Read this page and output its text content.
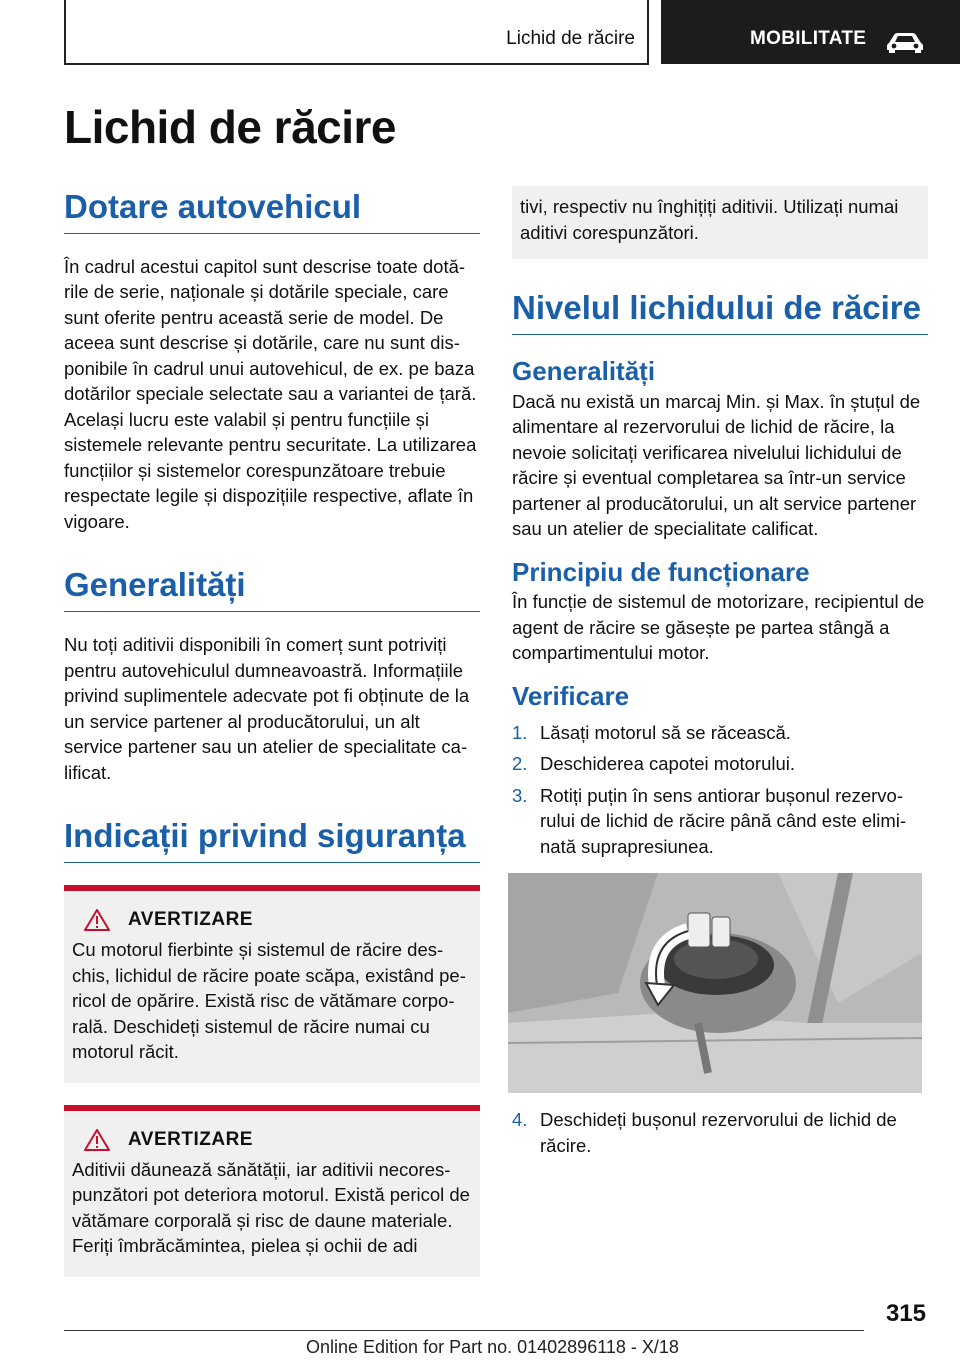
Lichid de răcire	MOBILITATE
Lichid de răcire
Dotare autovehicul

În cadrul acestui capitol sunt descrise toate dotările de serie, naționale și dotările speciale, care sunt oferite pentru această serie de model. De aceea sunt descrise și dotările, care nu sunt disponibile în cadrul unui autovehicul, de ex. pe baza dotărilor speciale selectate sau a variantei de țară. Același lucru este valabil și pentru funcțiile și sistemele relevante pentru securitate. La utilizarea funcțiilor și sistemelor corespunzătoare trebuie respectate legile și dispozițiile respective, aflate în vigoare.

Generalități

Nu toți aditivii disponibili în comerț sunt potriviți pentru autovehiculul dumneavoastră. Informațiile privind suplimentele adecvate pot fi obținute de la un service partener al producătorului, un alt service partener sau un atelier de specialitate calificat.

Indicații privind siguranța
AVERTIZARE

Cu motorul fierbinte și sistemul de răcire deschis, lichidul de răcire poate scăpa, existând pericol de opărire. Există risc de vătămare corporală. Deschideți sistemul de răcire numai cu motorul răcit.

AVERTIZARE

Aditivii dăunează sănătății, iar aditivii necorespunzători pot deteriora motorul. Există pericol de vătămare corporală și risc de daune materiale. Feriți îmbrăcămintea, pielea și ochii de adi

tivi, respectiv nu înghițiți aditivii. Utilizați numai aditivi corespunzători.

Nivelul lichidului de răcire
Generalități

Dacă nu există un marcaj Min. și Max. în ștuțul de alimentare al rezervorului de lichid de răcire, la nevoie solicitați verificarea nivelului lichidului de răcire și eventual completarea sa într-un service partener al producătorului, un alt service partener sau un atelier de specialitate calificat.

Principiu de funcționare

În funcție de sistemul de motorizare, recipientul de agent de răcire se găsește pe partea stângă a compartimentului motor.

Verificare
1. Lăsați motorul să se răcească.
2. Deschiderea capotei motorului.
3. Rotiți puțin în sens antiorar bușonul rezervorului de lichid de răcire până când este eliminată suprapresiunea.
4. Deschideți bușonul rezervorului de lichid de răcire.
315
Online Edition for Part no. 01402896118 - X/18
